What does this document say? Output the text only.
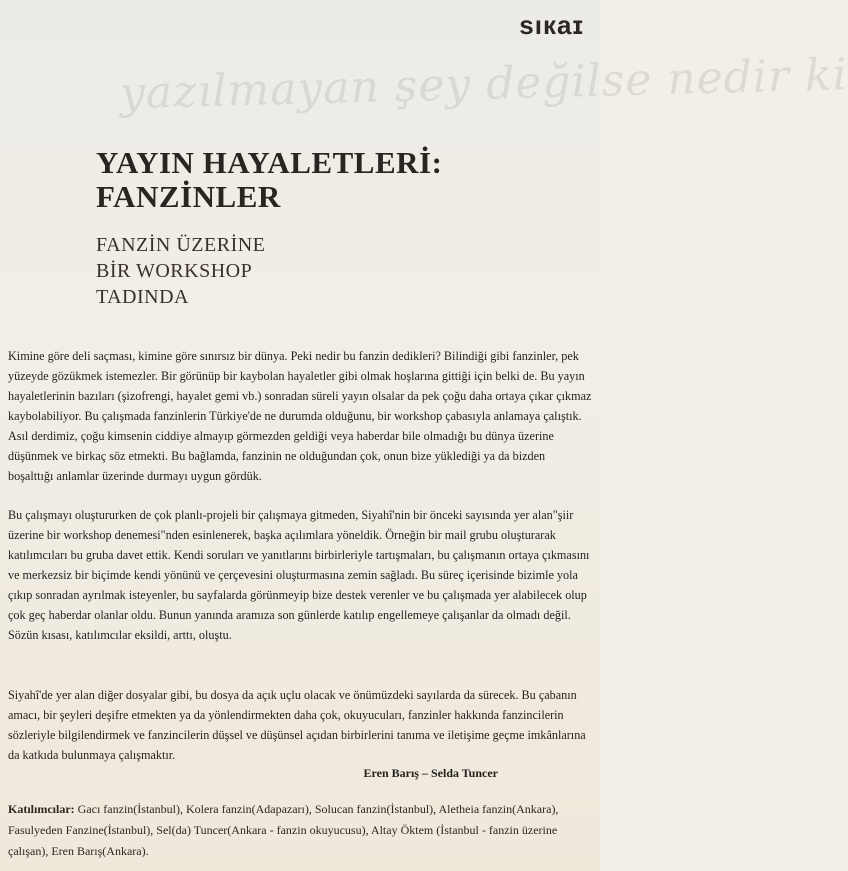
yazılmayan şey değilse nedir ki
sıкaɪ
YAYIN HAYALETLERİ:
FANZİNLER
FANZİN ÜZERİNE
BİR WORKSHOP
TADINDA

Kimine göre deli saçması, kimine göre sınırsız bir dünya. Peki nedir bu fanzin dedikleri? Bilindiği gibi fanzinler, pek yüzeyde gözükmek istemezler. Bir görünüp bir kaybolan hayaletler gibi olmak hoşlarına gittiği için belki de. Bu yayın hayaletlerinin bazıları (şizofrengi, hayalet gemi vb.) sonradan süreli yayın olsalar da pek çoğu daha ortaya çıkar çıkmaz kaybolabiliyor. Bu çalışmada fanzinlerin Türkiye'de ne durumda olduğunu, bir workshop çabasıyla anlamaya çalıştık. Asıl derdimiz, çoğu kimsenin ciddiye almayıp görmezden geldiği veya haberdar bile olmadığı bu dünya üzerine düşünmek ve birkaç söz etmekti. Bu bağlamda, fanzinin ne olduğundan çok, onun bize yüklediği ya da bizden boşalttığı anlamlar üzerinde durmayı uygun gördük.

Bu çalışmayı oluştururken de çok planlı-projeli bir çalışmaya gitmeden, Siyahî'nin bir önceki sayısında yer alan"şiir üzerine bir workshop denemesi"nden esinlenerek, başka açılımlara yöneldik. Örneğin bir mail grubu oluşturarak katılımcıları bu gruba davet ettik. Kendi soruları ve yanıtlarını birbirleriyle tartışmaları, bu çalışmanın ortaya çıkmasını ve merkezsiz bir biçimde kendi yönünü ve çerçevesini oluşturmasına zemin sağladı. Bu süreç içerisinde bizimle yola çıkıp sonradan ayrılmak isteyenler, bu sayfalarda görünmeyip bize destek verenler ve bu çalışmada yer alabilecek olup çok geç haberdar olanlar oldu. Bunun yanında aramıza son günlerde katılıp engellemeye çalışanlar da olmadı değil.

Sözün kısası, katılımcılar eksildi, arttı, oluştu.

Siyahî'de yer alan diğer dosyalar gibi, bu dosya da açık uçlu olacak ve önümüzdeki sayılarda da sürecek. Bu çabanın amacı, bir şeyleri deşifre etmekten ya da yönlendirmekten daha çok, okuyucuları, fanzinler hakkında fanzincilerin sözleriyle bilgilendirmek ve fanzincilerin düşsel ve düşünsel açıdan birbirlerini tanıma ve iletişime geçme imkânlarına da katkıda bulunmaya çalışmaktır.

Eren Barış – Selda Tuncer
Katılımcılar: Gacı fanzin(İstanbul), Kolera fanzin(Adapazarı), Solucan fanzin(İstanbul), Aletheia fanzin(Ankara), Fasulyeden Fanzine(İstanbul), Sel(da) Tuncer(Ankara - fanzin okuyucusu), Altay Öktem (İstanbul - fanzin üzerine çalışan), Eren Barış(Ankara).
